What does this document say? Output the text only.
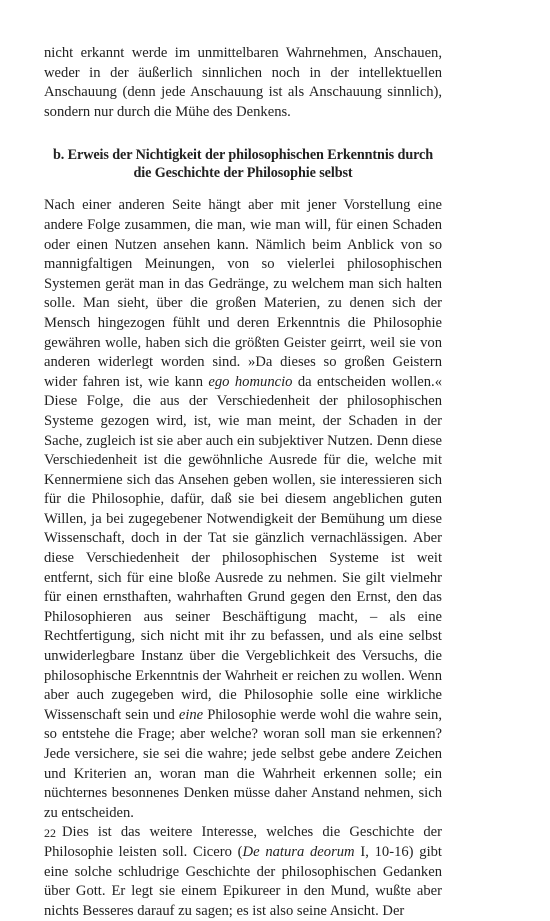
nicht erkannt werde im unmittelbaren Wahrnehmen, Anschauen, weder in der äußerlich sinnlichen noch in der intellektuellen Anschauung (denn jede Anschauung ist als Anschauung sinnlich), sondern nur durch die Mühe des Denkens.

b. Erweis der Nichtigkeit der philosophischen Erkenntnis durch
die Geschichte der Philosophie selbst

Nach einer anderen Seite hängt aber mit jener Vorstellung eine andere Folge zusammen, die man, wie man will, für einen Schaden oder einen Nutzen ansehen kann. Nämlich beim Anblick von so mannigfaltigen Meinungen, von so vielerlei philosophischen Systemen gerät man in das Gedränge, zu welchem man sich halten solle. Man sieht, über die großen Materien, zu denen sich der Mensch hingezogen fühlt und deren Erkenntnis die Philosophie gewähren wolle, haben sich die größten Geister geirrt, weil sie von anderen widerlegt worden sind. »Da dieses so großen Geistern wider fahren ist, wie kann ego homuncio da entscheiden wollen.« Diese Folge, die aus der Verschiedenheit der philosophischen Systeme gezogen wird, ist, wie man meint, der Schaden in der Sache, zugleich ist sie aber auch ein subjektiver Nutzen. Denn diese Verschiedenheit ist die gewöhnliche Ausrede für die, welche mit Kennermiene sich das Ansehen geben wollen, sie interessieren sich für die Philosophie, dafür, daß sie bei diesem angeblichen guten Willen, ja bei zugegebener Notwendigkeit der Bemühung um diese Wissenschaft, doch in der Tat sie gänzlich vernachlässigen. Aber diese Verschiedenheit der philosophischen Systeme ist weit entfernt, sich für eine bloße Ausrede zu nehmen. Sie gilt vielmehr für einen ernsthaften, wahrhaften Grund gegen den Ernst, den das Philosophieren aus seiner Beschäftigung macht, – als eine Rechtfertigung, sich nicht mit ihr zu befassen, und als eine selbst unwiderlegbare Instanz über die Vergeblichkeit des Versuchs, die philosophische Erkenntnis der Wahrheit er reichen zu wollen. Wenn aber auch zugegeben wird, die Philosophie solle eine wirkliche Wissenschaft sein und eine Philosophie werde wohl die wahre sein, so entstehe die Frage; aber welche? woran soll man sie erkennen? Jede versichere, sie sei die wahre; jede selbst gebe andere Zeichen und Kriterien an, woran man die Wahrheit erkennen solle; ein nüchternes besonnenes Denken müsse daher Anstand nehmen, sich zu entscheiden.

Dies ist das weitere Interesse, welches die Geschichte der Philosophie leisten soll. Cicero (De natura deorum I, 10-16) gibt eine solche schludrige Geschichte der philosophischen Gedanken über Gott. Er legt sie einem Epikureer in den Mund, wußte aber nichts Besseres darauf zu sagen; es ist also seine Ansicht. Der

22
